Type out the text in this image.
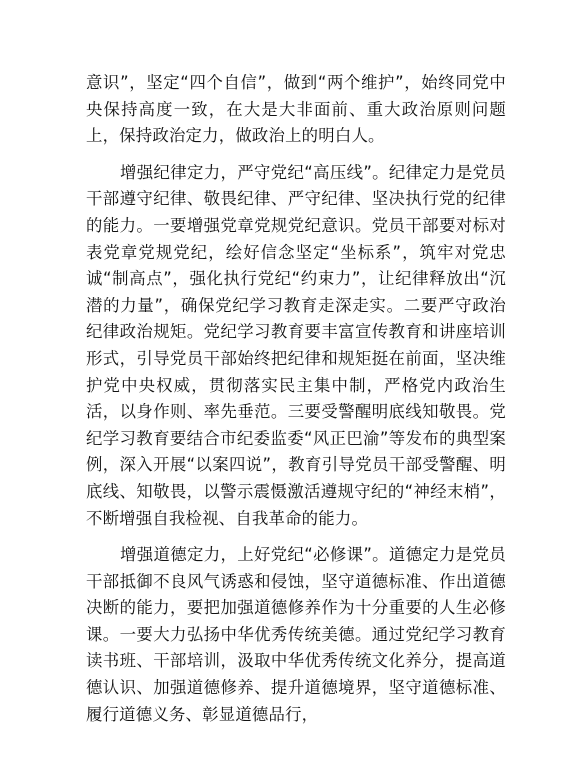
意识”，坚定“四个自信”，做到“两个维护”，始终同党中央保持高度一致，在大是大非面前、重大政治原则问题上，保持政治定力，做政治上的明白人。

增强纪律定力，严守党纪“高压线”。纪律定力是党员干部遵守纪律、敬畏纪律、严守纪律、坚决执行党的纪律的能力。一要增强党章党规党纪意识。党员干部要对标对表党章党规党纪，绘好信念坚定“坐标系”，筑牢对党忠诚“制高点”，强化执行党纪“约束力”，让纪律释放出“沉潜的力量”，确保党纪学习教育走深走实。二要严守政治纪律政治规矩。党纪学习教育要丰富宣传教育和讲座培训形式，引导党员干部始终把纪律和规矩挺在前面，坚决维护党中央权威，贯彻落实民主集中制，严格党内政治生活，以身作则、率先垂范。三要受警醒明底线知敬畏。党纪学习教育要结合市纪委监委“风正巴渝”等发布的典型案例，深入开展“以案四说”，教育引导党员干部受警醒、明底线、知敬畏，以警示震慑激活遵规守纪的“神经末梢”，不断增强自我检视、自我革命的能力。

增强道德定力，上好党纪“必修课”。道德定力是党员干部抵御不良风气诱惑和侵蚀，坚守道德标准、作出道德决断的能力，要把加强道德修养作为十分重要的人生必修课。一要大力弘扬中华优秀传统美德。通过党纪学习教育读书班、干部培训，汲取中华优秀传统文化养分，提高道德认识、加强道德修养、提升道德境界，坚守道德标准、履行道德义务、彰显道德品行，
